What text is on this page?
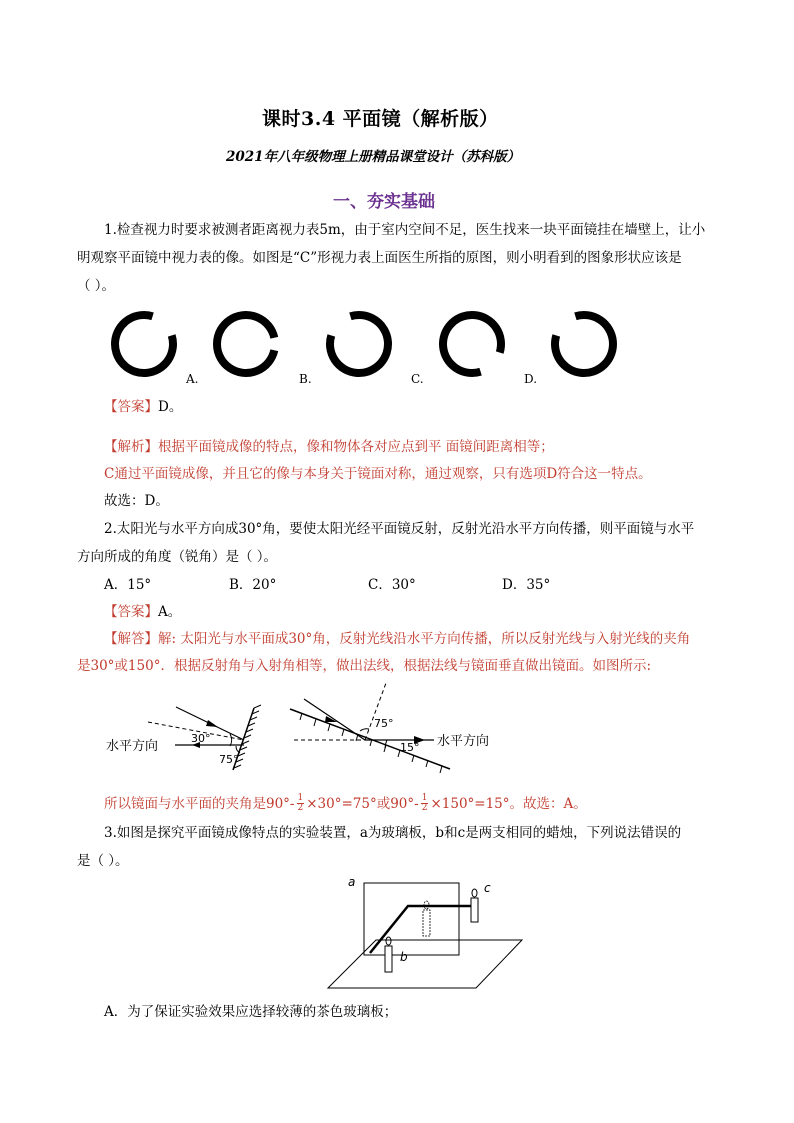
课时3.4 平面镜（解析版）
2021年八年级物理上册精品课堂设计（苏科版）
一、夯实基础
1.检查视力时要求被测者距离视力表5m，由于室内空间不足，医生找来一块平面镜挂在墙壁上，让小
明观察平面镜中视力表的像。如图是“C”形视力表上面医生所指的原图，则小明看到的图象形状应该是
（ ）。
A.	B.	C.	D.
【答案】D。
【解析】根据平面镜成像的特点，像和物体各对应点到平 面镜间距离相等；
C通过平面镜成像，并且它的像与本身关于镜面对称，通过观察，只有选项D符合这一特点。
故选：D。
2.太阳光与水平方向成30°角，要使太阳光经平面镜反射，反射光沿水平方向传播，则平面镜与水平
方向所成的角度（锐角）是（ ）。
A．15°	B．20°	C．30°	D．35°
【答案】A。
【解答】解: 太阳光与水平面成30°角，反射光线沿水平方向传播，所以反射光线与入射光线的夹角
是30°或150°．根据反射角与入射角相等，做出法线，根据法线与镜面垂直做出镜面。如图所示:
水平方向
30°
75°
75°
15° 水平方向
所以镜面与水平面的夹角是$90^\circ- \frac{1}{2} \times 30^\circ=75^\circ$或$90^\circ- \frac{1}{2} \times 150^\circ=15^\circ$。故选：A。
3.如图是探究平面镜成像特点的实验装置，a为玻璃板，b和c是两支相同的蜡烛，下列说法错误的
是（ ）。
a
b
c
A．为了保证实验效果应选择较薄的茶色玻璃板；
